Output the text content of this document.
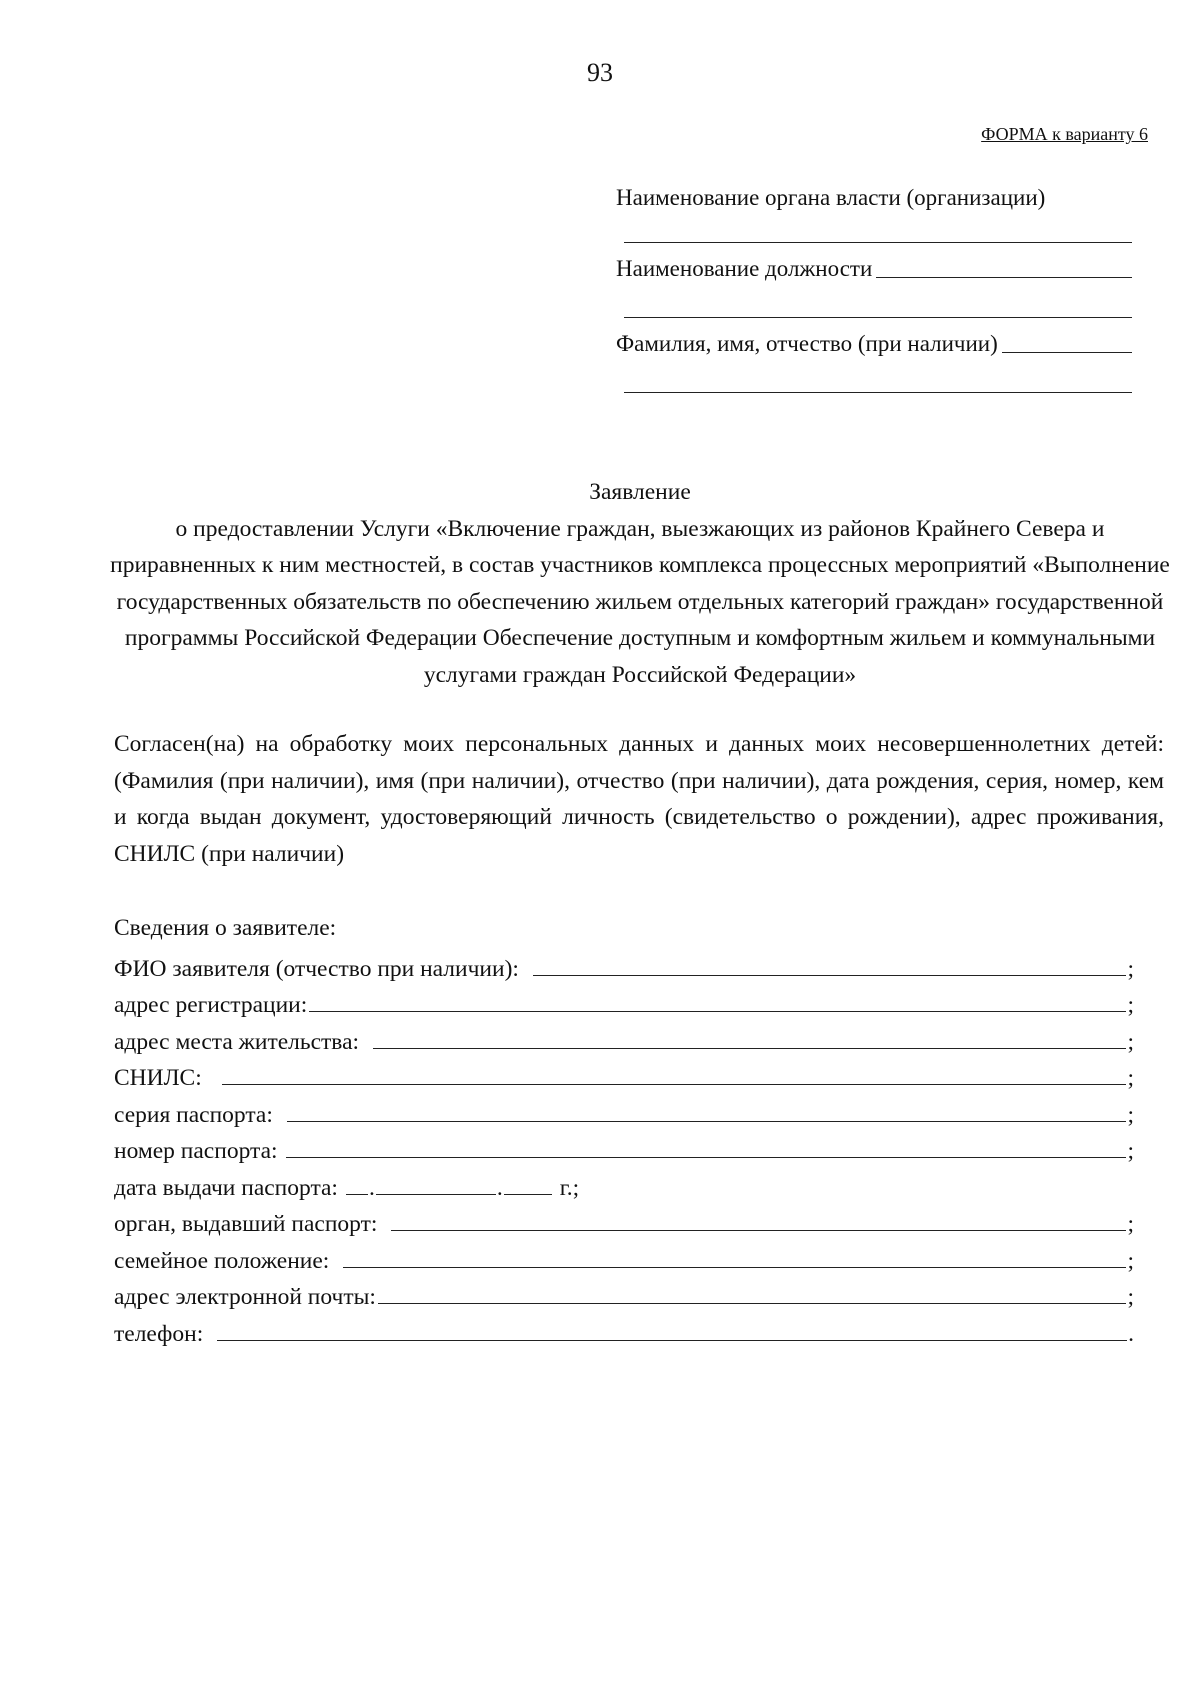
93
ФОРМА к варианту 6
Наименование органа власти (организации)
Наименование должности
Фамилия, имя, отчество (при наличии)
Заявление
о предоставлении Услуги «Включение граждан, выезжающих из районов Крайнего Севера и приравненных к ним местностей, в состав участников комплекса процессных мероприятий «Выполнение государственных обязательств по обеспечению жильем отдельных категорий граждан» государственной программы Российской Федерации Обеспечение доступным и комфортным жильем и коммунальными услугами граждан Российской Федерации»
Согласен(на) на обработку моих персональных данных и данных моих несовершеннолетних детей: (Фамилия (при наличии), имя (при наличии), отчество (при наличии), дата рождения, серия, номер, кем и когда выдан документ, удостоверяющий личность (свидетельство о рождении), адрес проживания, СНИЛС (при наличии)
Сведения о заявителе:
ФИО заявителя (отчество при наличии):	;
адрес регистрации:	;
адрес места жительства:	;
СНИЛС:	;
серия паспорта:	;
номер паспорта:	;
дата выдачи паспорта: .	. г.;
орган, выдавший паспорт:	;
семейное положение:	;
адрес электронной почты:	;
телефон:	.
